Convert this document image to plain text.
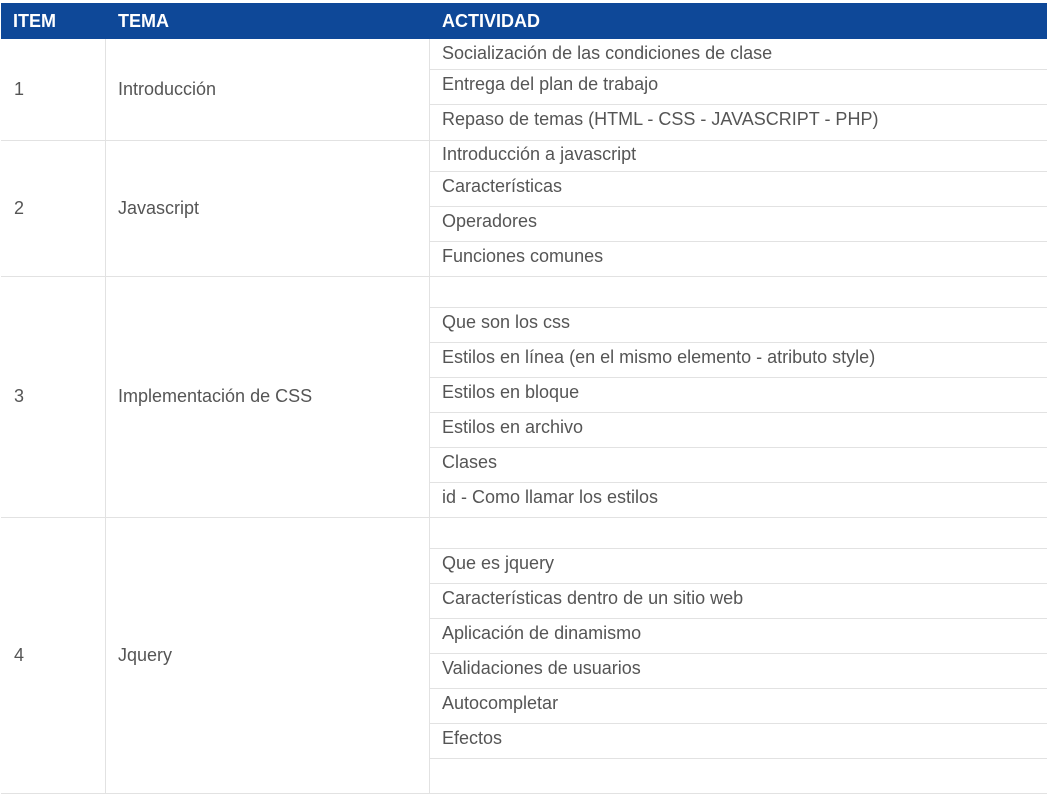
ITEM	TEMA	ACTIVIDAD
1	Introducción
Socialización de las condiciones de clase
Entrega del plan de trabajo
Repaso de temas (HTML - CSS - JAVASCRIPT - PHP)
2	Javascript
Introducción a javascript
Características
Operadores
Funciones comunes
3	Implementación de CSS
Que son los css
Estilos en línea (en el mismo elemento - atributo style)
Estilos en bloque
Estilos en archivo
Clases
id - Como llamar los estilos
4	Jquery
Que es jquery
Características dentro de un sitio web
Aplicación de dinamismo
Validaciones de usuarios
Autocompletar
Efectos
